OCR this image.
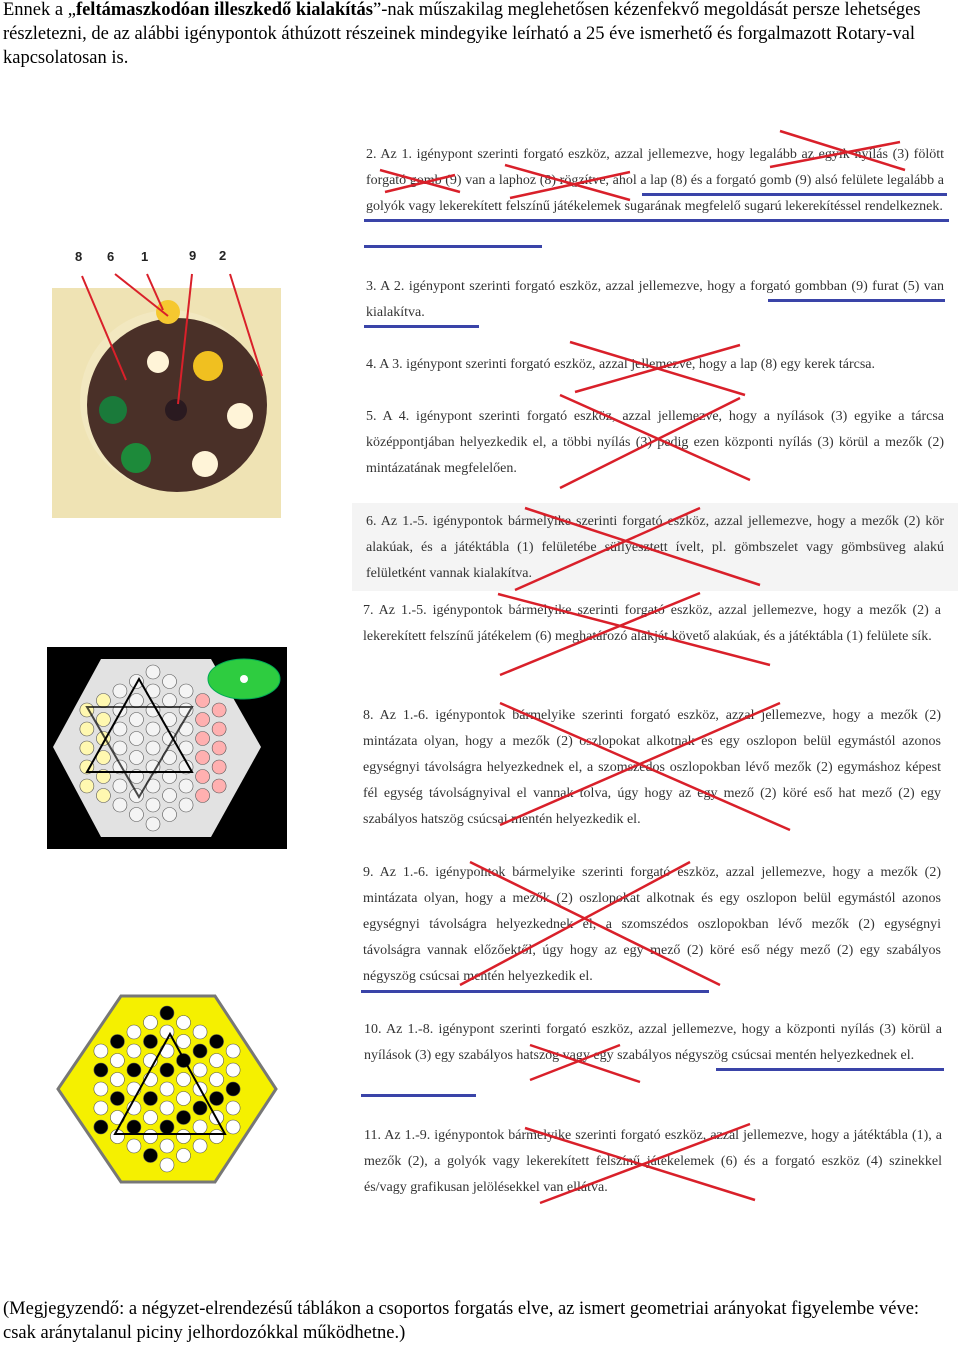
Ennek a „feltámaszkodóan illeszkedő kialakítás”-nak műszakilag meglehetősen kézenfekvő megoldását persze lehetséges részletezni, de az alábbi igénypontok áthúzott részeinek mindegyike leírható a 25 éve ismerhető és forgalmazott Rotary-val kapcsolatosan is.
8 6 1	9 2
2. Az 1. igénypont szerinti forgató eszköz, azzal jellemezve, hogy legalább az egyik nyílás (3) fölött forgató gomb (9) van a laphoz (8) rögzítve, ahol a lap (8) és a forgató gomb (9) alsó felülete legalább a golyók vagy lekerekített felszínű játékelemek sugarának megfelelő sugarú lekerekítéssel rendelkeznek.
3. A 2. igénypont szerinti forgató eszköz, azzal jellemezve, hogy a forgató gombban (9) furat (5) van kialakítva.
4. A 3. igénypont szerinti forgató eszköz, azzal jellemezve, hogy a lap (8) egy kerek tárcsa.
5. A 4. igénypont szerinti forgató eszköz, azzal jellemezve, hogy a nyílások (3) egyike a tárcsa középpontjában helyezkedik el, a többi nyílás (3) pedig ezen központi nyílás (3) körül a mezők (2) mintázatának megfelelően.
6. Az 1.-5. igénypontok bármelyike szerinti forgató eszköz, azzal jellemezve, hogy a mezők (2) kör alakúak, és a játéktábla (1) felületébe süllyesztett ívelt, pl. gömbszelet vagy gömbsüveg alakú felületként vannak kialakítva.
7. Az 1.-5. igénypontok bármelyike szerinti forgató eszköz, azzal jellemezve, hogy a mezők (2) a lekerekített felszínű játékelem (6) meghatározó alakját követő alakúak, és a játéktábla (1) felülete sík.
8. Az 1.-6. igénypontok bármelyike szerinti forgató eszköz, azzal jellemezve, hogy a mezők (2) mintázata olyan, hogy a mezők (2) oszlopokat alkotnak és egy oszlopon belül egymástól azonos egységnyi távolságra helyezkednek el, a szomszédos oszlopokban lévő mezők (2) egymáshoz képest fél egység távolságnyival el vannak tolva, úgy hogy az egy mező (2) köré eső hat mező (2) egy szabályos hatszög csúcsai mentén helyezkedik el.
9. Az 1.-6. igénypontok bármelyike szerinti forgató eszköz, azzal jellemezve, hogy a mezők (2) mintázata olyan, hogy a mezők (2) oszlopokat alkotnak és egy oszlopon belül egymástól azonos egységnyi távolságra helyezkednek el, a szomszédos oszlopokban lévő mezők (2) egységnyi távolságra vannak előzőektől, úgy hogy az egy mező (2) köré eső négy mező (2) egy szabályos négyszög csúcsai mentén helyezkedik el.
10. Az 1.-8. igénypont szerinti forgató eszköz, azzal jellemezve, hogy a központi nyílás (3) körül a nyílások (3) egy szabályos hatszög vagy egy szabályos négyszög csúcsai mentén helyezkednek el.
11. Az 1.-9. igénypontok bármelyike szerinti forgató eszköz, azzal jellemezve, hogy a játéktábla (1), a mezők (2), a golyók vagy lekerekített felszínű játékelemek (6) és a forgató eszköz (4) szinekkel és/vagy grafikusan jelölésekkel van ellátva.
(Megjegyzendő: a négyzet-elrendezésű táblákon a csoportos forgatás elve, az ismert geometriai arányokat figyelembe véve: csak aránytalanul piciny jelhordozókkal működhetne.)
